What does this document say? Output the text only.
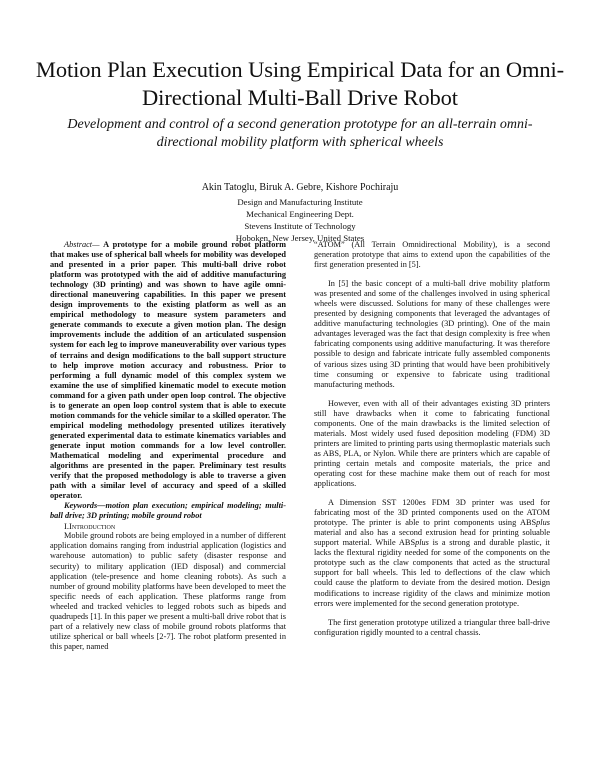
Motion Plan Execution Using Empirical Data for an Omni-Directional Multi-Ball Drive Robot
Development and control of a second generation prototype for an all-terrain omni-directional mobility platform with spherical wheels
Akin Tatoglu, Biruk A. Gebre, Kishore Pochiraju
Design and Manufacturing Institute
Mechanical Engineering Dept.
Stevens Institute of Technology
Hoboken, New Jersey, United States

Abstract— A prototype for a mobile ground robot platform that makes use of spherical ball wheels for mobility was developed and presented in a prior paper. This multi-ball drive robot platform was prototyped with the aid of additive manufacturing technology (3D printing) and was shown to have agile omni-directional maneuvering capabilities. In this paper we present design improvements to the existing platform as well as an empirical methodology to measure system parameters and generate commands to execute a given motion plan. The design improvements include the addition of an articulated suspension system for each leg to improve maneuverability over various types of terrains and design modifications to the ball support structure to help improve motion accuracy and robustness. Prior to performing a full dynamic model of this complex system we examine the use of simplified kinematic model to execute motion command for a given path under open loop control. The objective is to generate an open loop control system that is able to execute motion commands for the vehicle similar to a skilled operator. The empirical modeling methodology presented utilizes iteratively generated experimental data to estimate kinematics variables and generate input motion commands for a low level controller. Mathematical modeling and experimental procedure and algorithms are presented in the paper. Preliminary test results verify that the proposed methodology is able to traverse a given path with a similar level of accuracy and speed of a skilled operator.

Keywords—motion plan execution; empirical modeling; multi-ball drive; 3D printing; mobile ground robot

I.Introduction

Mobile ground robots are being employed in a number of different application domains ranging from industrial application (logistics and warehouse automation) to public safety (disaster response and security) to military application (IED disposal) and commercial application (tele-presence and home cleaning robots). As such a number of ground mobility platforms have been developed to meet the specific needs of each application. These platforms range from wheeled and tracked vehicles to legged robots such as bipeds and quadrupeds [1]. In this paper we present a multi-ball drive robot that is part of a relatively new class of mobile ground robots platforms that utilize spherical or ball wheels [2-7]. The robot platform presented in this paper, named

“ATOM” (All Terrain Omnidirectional Mobility), is a second generation prototype that aims to extend upon the capabilities of the first generation presented in [5].

In [5] the basic concept of a multi-ball drive mobility platform was presented and some of the challenges involved in using spherical wheels were discussed. Solutions for many of these challenges were presented by designing components that leveraged the advantages of additive manufacturing technologies (3D printing). One of the main advantages leveraged was the fact that design complexity is free when fabricating components using additive manufacturing. It was therefore possible to design and fabricate intricate fully assembled components of various sizes using 3D printing that would have been prohibitively time consuming or expensive to fabricate using traditional manufacturing methods.

However, even with all of their advantages existing 3D printers still have drawbacks when it come to fabricating functional components. One of the main drawbacks is the limited selection of materials. Most widely used fused deposition modeling (FDM) 3D printers are limited to printing parts using thermoplastic materials such as ABS, PLA, or Nylon. While there are printers which are capable of printing certain metals and composite materials, the price and operating cost for these machine make them out of reach for most applications.

A Dimension SST 1200es FDM 3D printer was used for fabricating most of the 3D printed components used on the ATOM prototype. The printer is able to print components using ABSplus material and also has a second extrusion head for printing soluable support material. While ABSplus is a strong and durable plastic, it lacks the flextural rigidity needed for some of the components on the prototype such as the claw components that acted as the structural support for ball wheels. This led to deflections of the claw which could cause the platform to deviate from the desired motion. Design modifications to increase rigidity of the claws and minimize motion errors were implemented for the second generation prototype.

The first generation prototype utilized a triangular three ball-drive configuration rigidly mounted to a central chassis.
